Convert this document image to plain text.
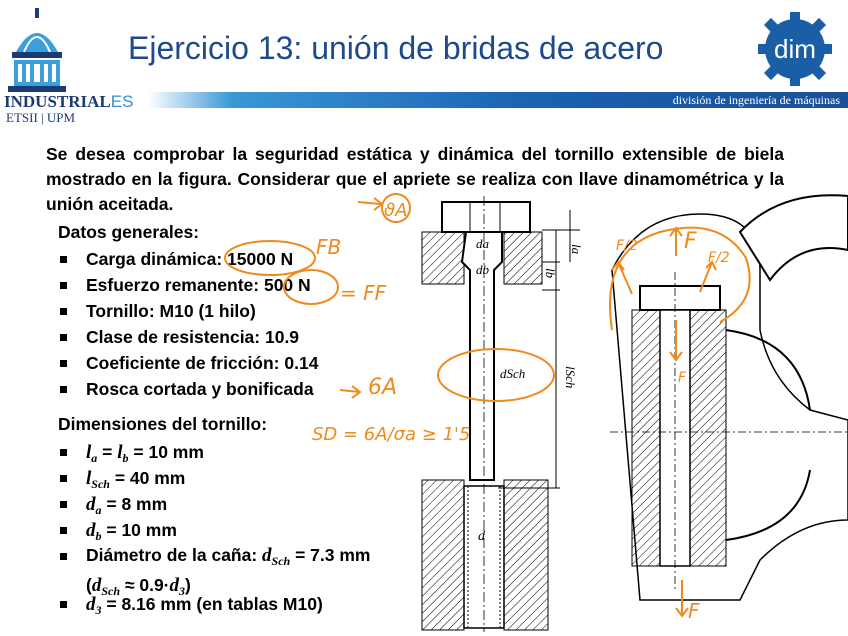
INDUSTRIALES
ETSII | UPM
Ejercicio 13: unión de bridas de acero
división de ingeniería de máquinas
dim
Se desea comprobar la seguridad estática y dinámica del tornillo extensible de biela mostrado en la figura. Considerar que el apriete se realiza con llave dinamométrica y la unión aceitada.
Datos generales:
Carga dinámica: 15000 N
Esfuerzo remanente: 500 N
Tornillo: M10 (1 hilo)
Clase de resistencia: 10.9
Coeficiente de fricción: 0.14
Rosca cortada y bonificada
Dimensiones del tornillo:
$l_a = l_b = 10$ mm
$l_{Sch} = 40$ mm
$d_a = 8$ mm
$d_b = 10$ mm
Diámetro de la caña: $d_{Sch} = 7.3$ mm
$(d_{Sch} \approx 0.9\cdot d_3)$
$d_3 = 8.16$ mm (en tablas M10)
da
db
la
lb
dSch	lSch
d
ϑA
FB
= FF
6A
SD = 6A/σa ≥ 1'5
F
F/2
F/2
F
F
